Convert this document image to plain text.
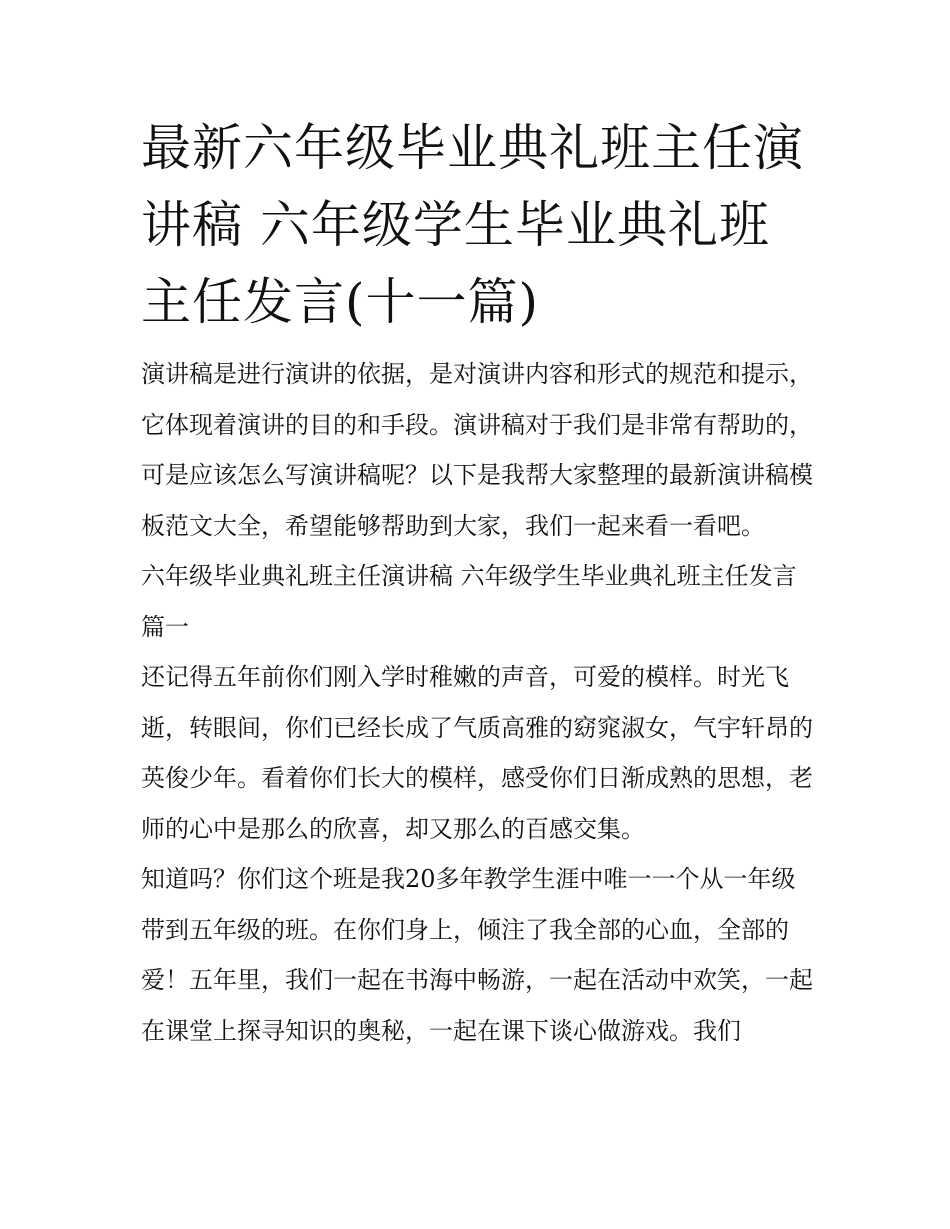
最新六年级毕业典礼班主任演讲稿 六年级学生毕业典礼班主任发言(十一篇)

演讲稿是进行演讲的依据，是对演讲内容和形式的规范和提示，它体现着演讲的目的和手段。演讲稿对于我们是非常有帮助的，可是应该怎么写演讲稿呢？以下是我帮大家整理的最新演讲稿模板范文大全，希望能够帮助到大家，我们一起来看一看吧。

六年级毕业典礼班主任演讲稿 六年级学生毕业典礼班主任发言篇一

还记得五年前你们刚入学时稚嫩的声音，可爱的模样。时光飞逝，转眼间，你们已经长成了气质高雅的窈窕淑女，气宇轩昂的英俊少年。看着你们长大的模样，感受你们日渐成熟的思想，老师的心中是那么的欣喜，却又那么的百感交集。

知道吗？你们这个班是我20多年教学生涯中唯一一个从一年级带到五年级的班。在你们身上，倾注了我全部的心血，全部的爱！五年里，我们一起在书海中畅游，一起在活动中欢笑，一起在课堂上探寻知识的奥秘，一起在课下谈心做游戏。我们
